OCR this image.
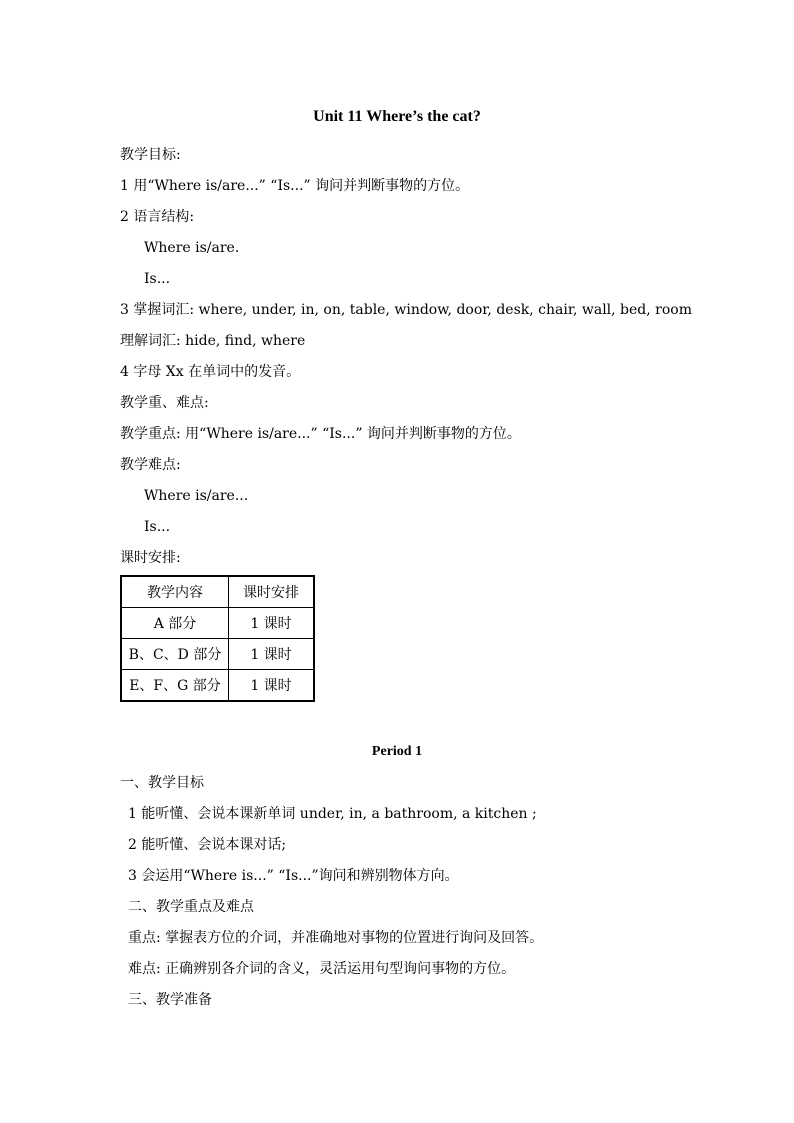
Unit 11 Where’s the cat?
教学目标:
1 用“Where is/are...” “Is...” 询问并判断事物的方位。
2 语言结构:
Where is/are.
Is...
3 掌握词汇: where, under, in, on, table, window, door, desk, chair, wall, bed, room
理解词汇: hide, find, where
4 字母 Xx 在单词中的发音。
教学重、难点:
教学重点: 用“Where is/are...” “Is...” 询问并判断事物的方位。
教学难点:
Where is/are...
Is...
课时安排:
教学内容	课时安排
A 部分	1 课时
B、C、D 部分	1 课时
E、F、G 部分	1 课时
Period 1
一、教学目标
1 能听懂、会说本课新单词 under, in, a bathroom, a kitchen ;
2 能听懂、会说本课对话;
3 会运用“Where is...” “Is...”询问和辨别物体方向。
二、教学重点及难点
重点: 掌握表方位的介词，并准确地对事物的位置进行询问及回答。
难点: 正确辨别各介词的含义，灵活运用句型询问事物的方位。
三、教学准备
